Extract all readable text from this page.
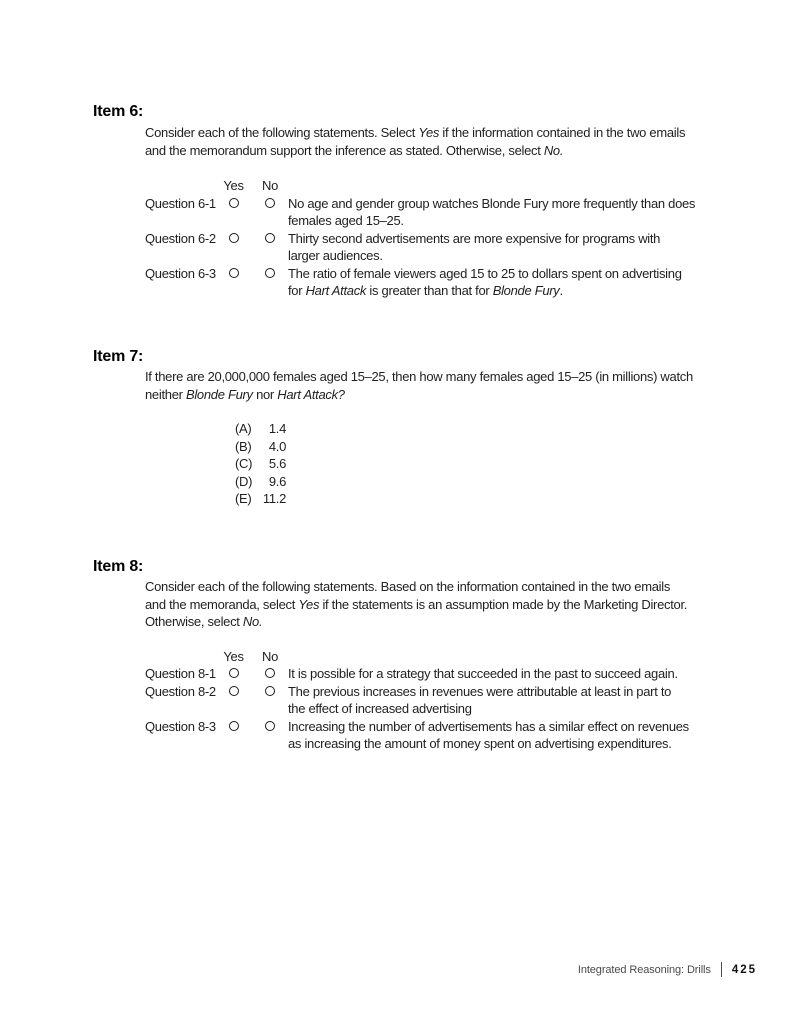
Item 6:
Consider each of the following statements. Select Yes if the information contained in the two emails
and the memorandum support the inference as stated. Otherwise, select No.
Yes	No
Question 6-1	No age and gender group watches Blonde Fury more frequently than does
females aged 15–25.
Question 6-2	Thirty second advertisements are more expensive for programs with
larger audiences.
Question 6-3	The ratio of female viewers aged 15 to 25 to dollars spent on advertising
for Hart Attack is greater than that for Blonde Fury.
Item 7:
If there are 20,000,000 females aged 15–25, then how many females aged 15–25 (in millions) watch
neither Blonde Fury nor Hart Attack?
(A)	1.4
(B)	4.0
(C)	5.6
(D)	9.6
(E) 11.2
Item 8:
Consider each of the following statements. Based on the information contained in the two emails
and the memoranda, select Yes if the statements is an assumption made by the Marketing Director.
Otherwise, select No.
Yes	No
Question 8-1	It is possible for a strategy that succeeded in the past to succeed again.
Question 8-2	The previous increases in revenues were attributable at least in part to
the effect of increased advertising
Question 8-3	Increasing the number of advertisements has a similar effect on revenues
as increasing the amount of money spent on advertising expenditures.
Integrated Reasoning: Drills 425
